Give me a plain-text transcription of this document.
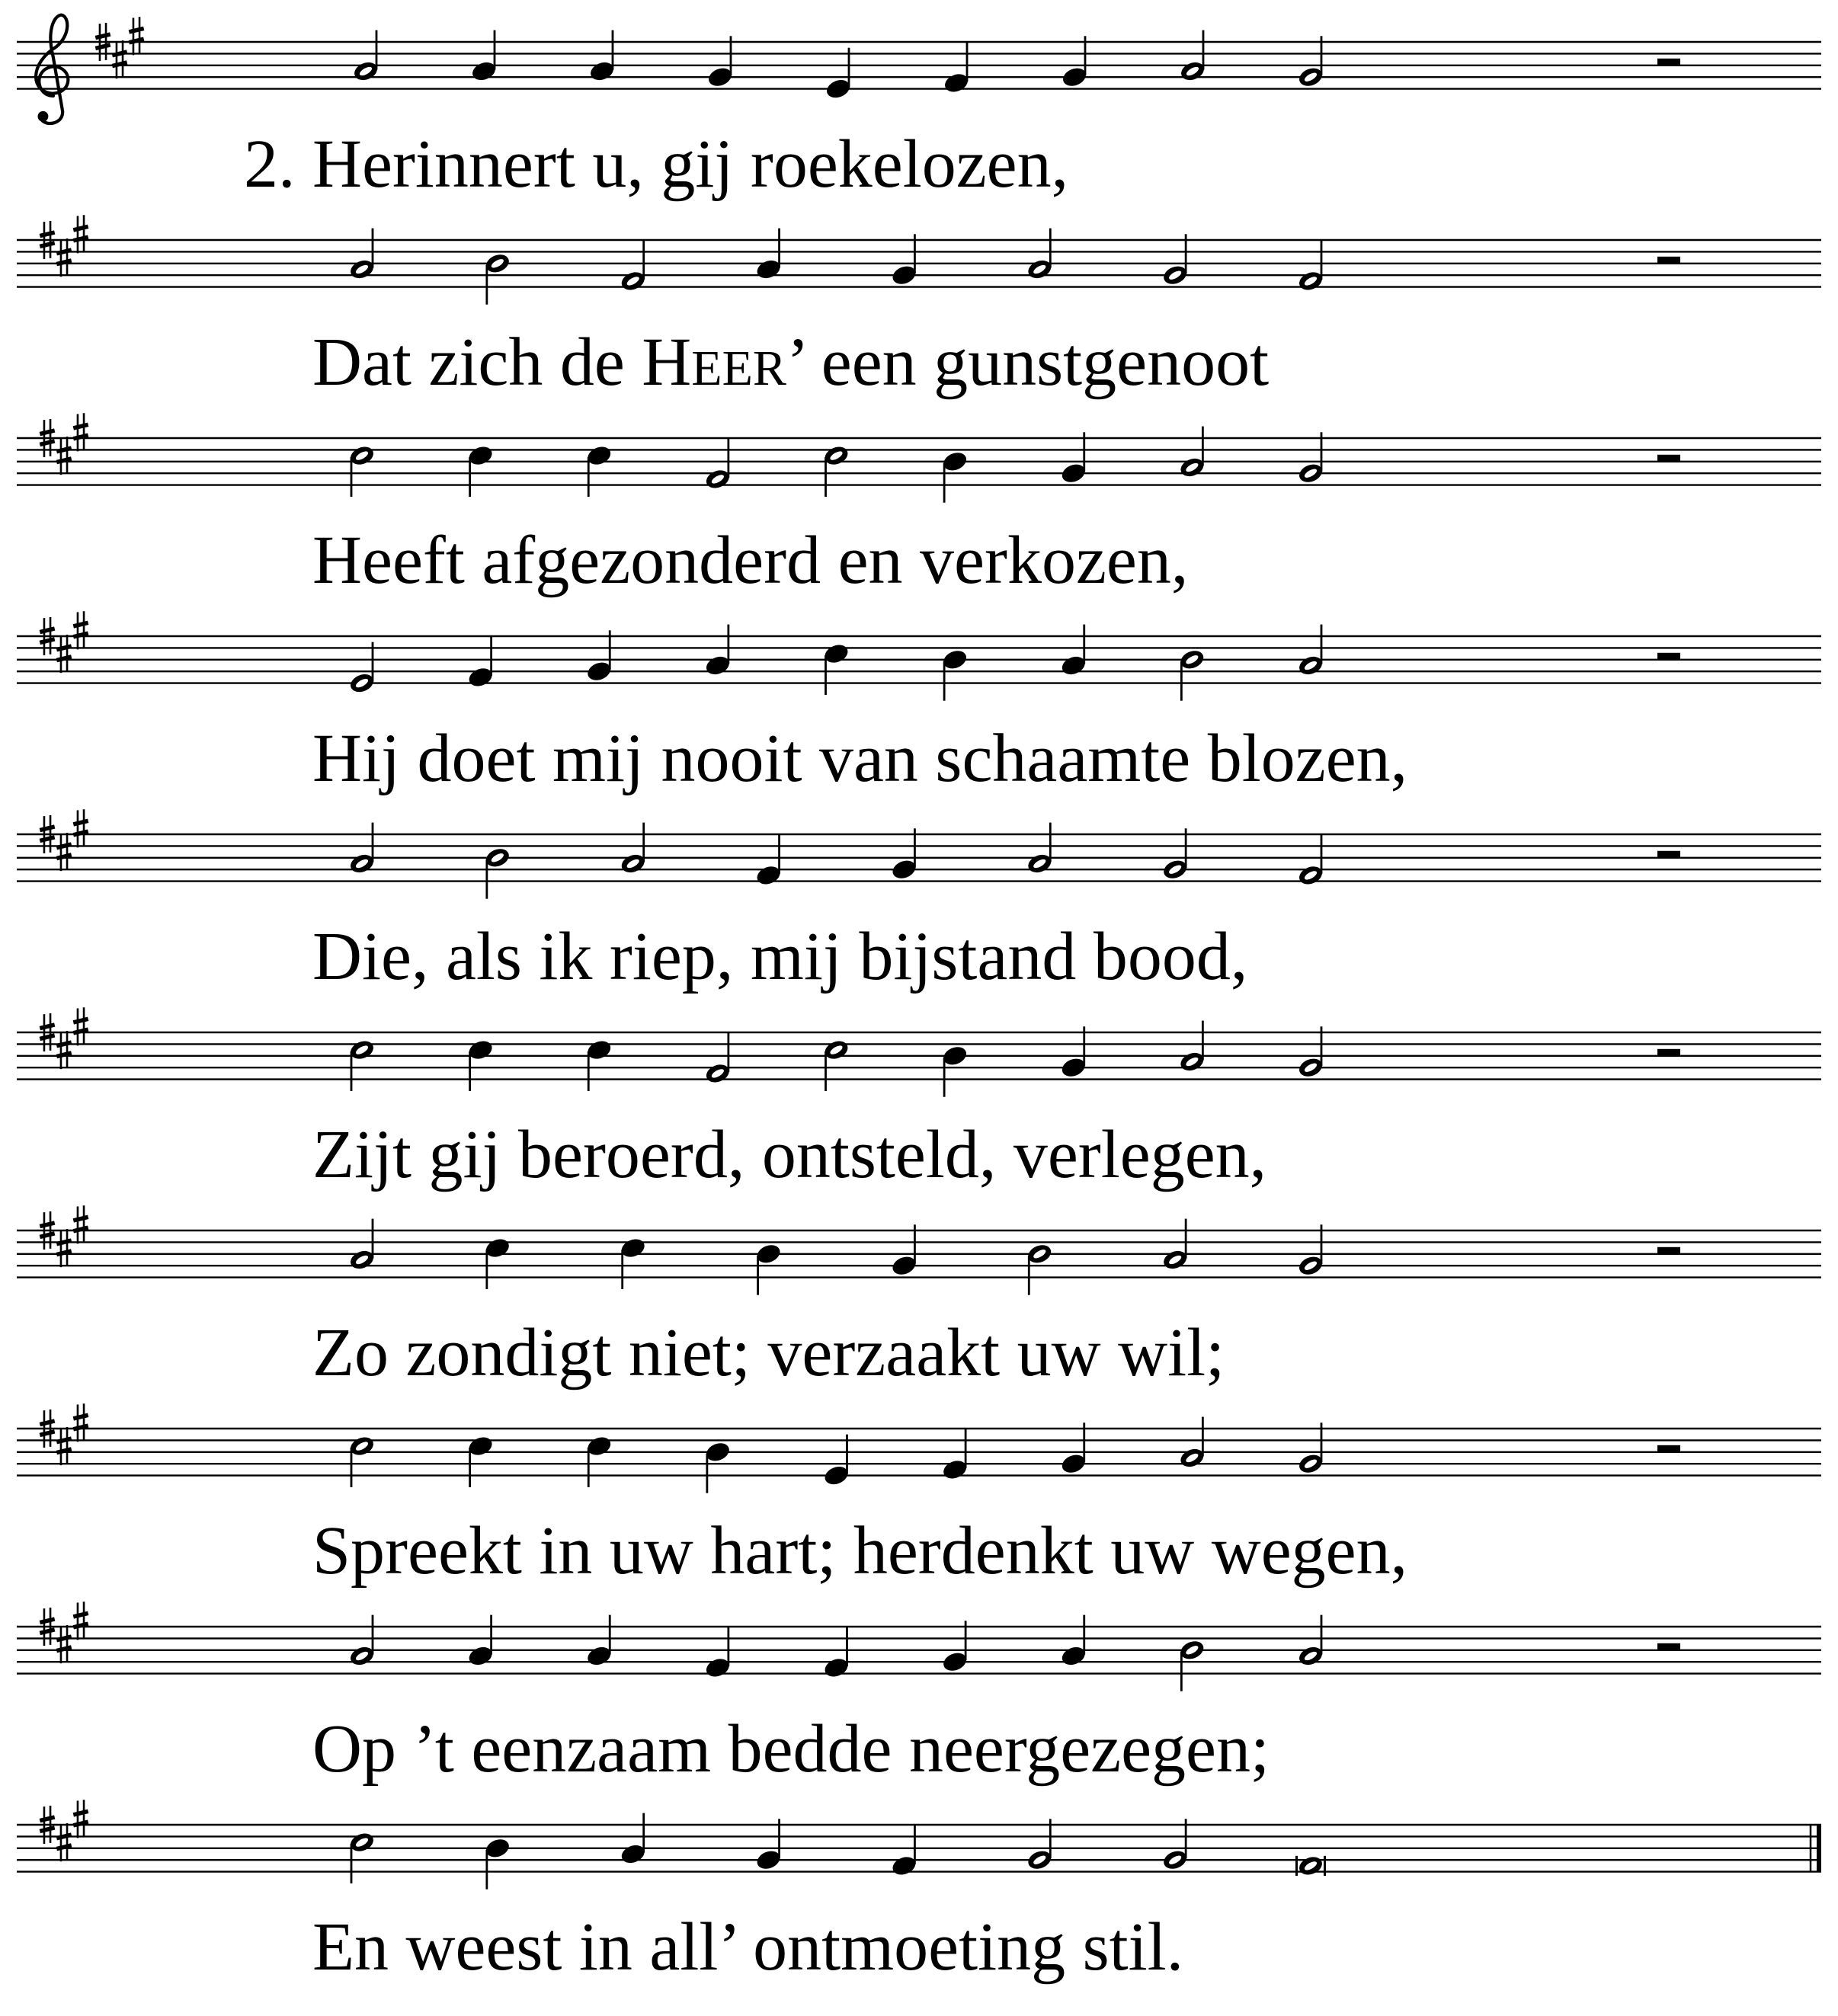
2. Herinnert u, gij roekelozen,
Dat zich de HEER’ een gunstgenoot
Heeft afgezonderd en verkozen,
Hij doet mij nooit van schaamte blozen,
Die, als ik riep, mij bijstand bood,
Zijt gij beroerd, ontsteld, verlegen,
Zo zondigt niet; verzaakt uw wil;
Spreekt in uw hart; herdenkt uw wegen,
Op ’t eenzaam bedde neergezegen;
En weest in all’ ontmoeting stil.
